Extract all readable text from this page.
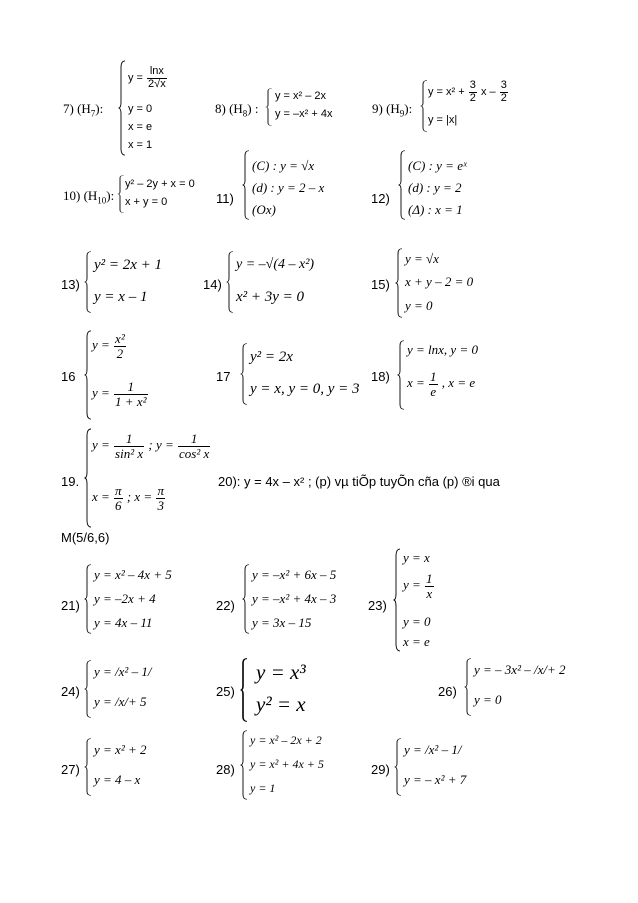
7) $(H_7)$:
$y = \frac{\ln x}{2√x}$
y = 0
x = e
x = 1
8) $(H_8)$ :
y = x² – 2x
y = –x² + 4x	9) $(H_9)$:
$y = x^2 + \frac{3}{2}$ x – $\frac{3}{2}$
y = |x|
10) $(H_{10})$:
y² – 2y + x = 0
x + y = 0	11)
(C) : y = √x
(d) : y = 2 – x
(Ox)
12)
(C) : y = eˣ
(d) : y = 2
(Δ) : x = 1
13)
y² = 2x + 1
y = x – 1
14)
y = –√(4 – x²)
x² + 3y = 0
15)
y = √x
x + y – 2 = 0
y = 0
16
$y = \frac{\text{x²}}{2}$
$y = \frac{1}{\text{1 + x²}}$
17
y² = 2x
y = x, y = 0, y = 3
18)
y = lnx, y = 0
$x = \frac{1}{e}$ , x = e
19.
$y = \frac{1}{\text{sin² x}}$ ; $y = \frac{1}{\text{cos² x}}$
$x = \frac{\pi}{6}$ ; $x = \frac{\pi}{3}$
20): y = 4x – x² ; (p) vµ tiÕp tuyÕn cña (p) ®i qua
M(5/6,6)
21)
y = x² – 4x + 5
y = –2x + 4
y = 4x – 11
22)
y = –x² + 6x – 5
y = –x² + 4x – 3
y = 3x – 15
23)
y = x
$y = \frac{1}{x}$
y = 0
x = e
24)
y = /x² – 1/
y = /x/+ 5
25)
y = x³
y² = x
26)
y = – 3x² – /x/+ 2
y = 0
27)
y = x² + 2
y = 4 – x
28)
y = x² – 2x + 2
y = x² + 4x + 5
y = 1
29)
y = /x² – 1/
y = – x² + 7
